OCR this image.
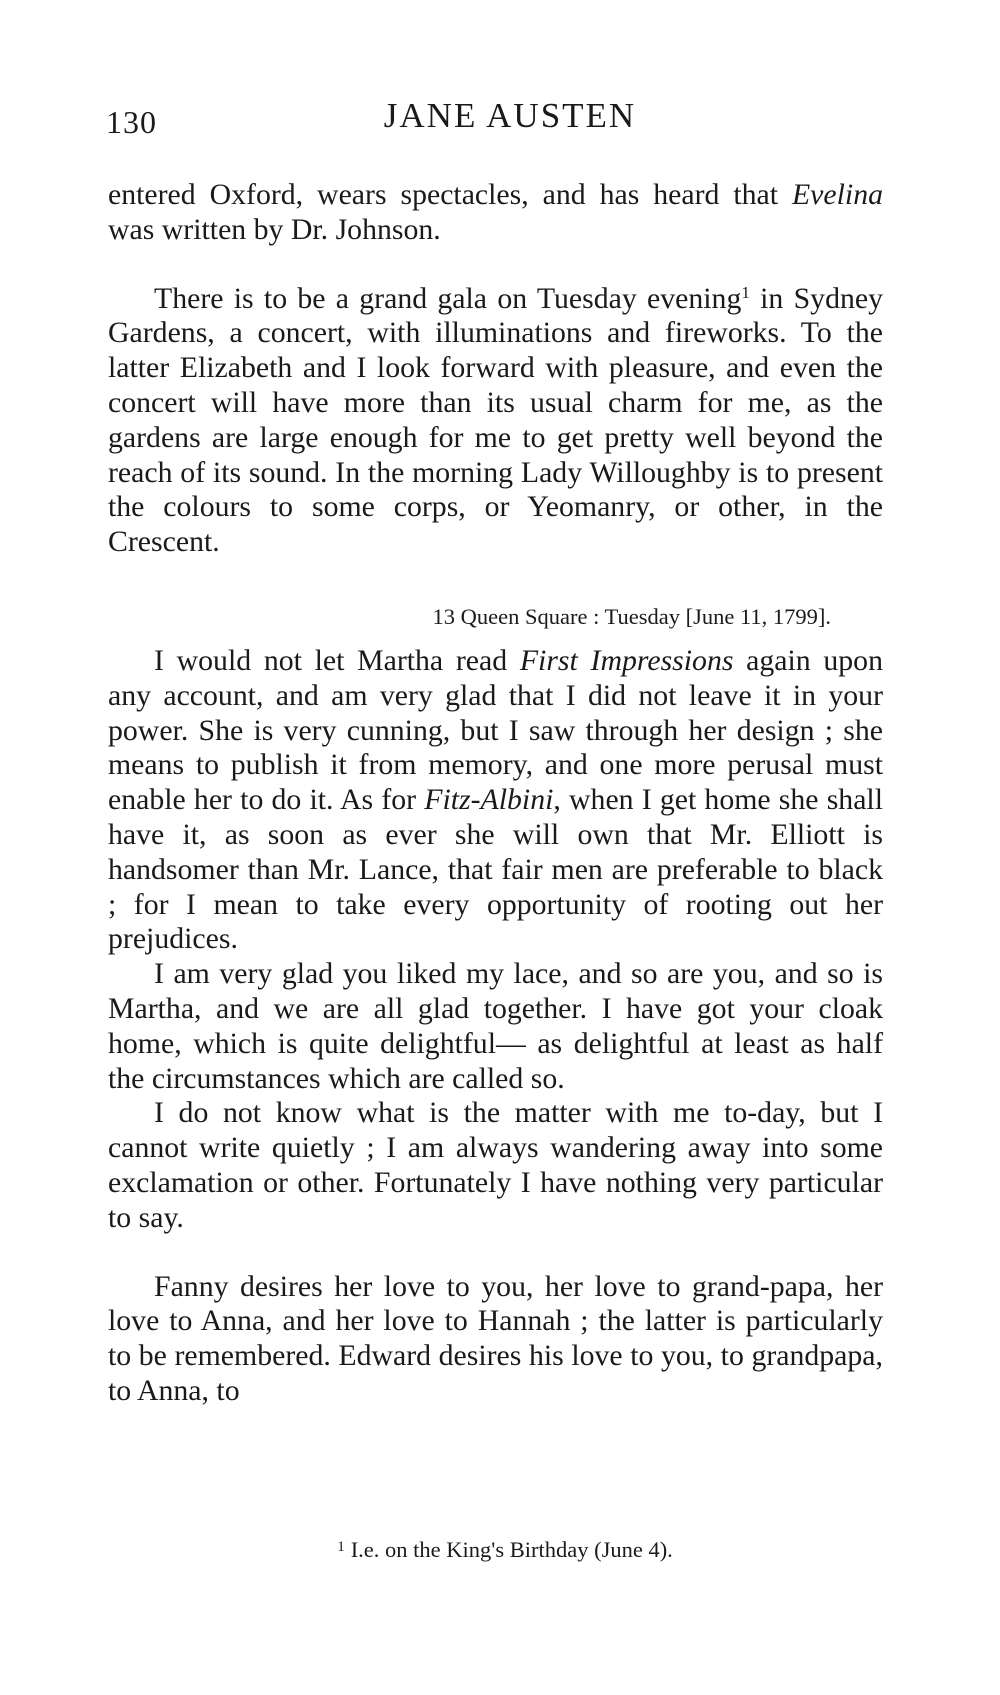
130	JANE AUSTEN

entered Oxford, wears spectacles, and has heard that Evelina was written by Dr. Johnson.

There is to be a grand gala on Tuesday evening$^1$ in Sydney Gardens, a concert, with illuminations and fireworks. To the latter Elizabeth and I look forward with pleasure, and even the concert will have more than its usual charm for me, as the gardens are large enough for me to get pretty well beyond the reach of its sound. In the morning Lady Willoughby is to present the colours to some corps, or Yeomanry, or other, in the Crescent.

13 Queen Square : Tuesday [June 11, 1799].

I would not let Martha read First Impressions again upon any account, and am very glad that I did not leave it in your power. She is very cunning, but I saw through her design ; she means to publish it from memory, and one more perusal must enable her to do it. As for Fitz-Albini, when I get home she shall have it, as soon as ever she will own that Mr. Elliott is handsomer than Mr. Lance, that fair men are preferable to black ; for I mean to take every opportunity of rooting out her prejudices.

I am very glad you liked my lace, and so are you, and so is Martha, and we are all glad together. I have got your cloak home, which is quite delightful— as delightful at least as half the circumstances which are called so.

I do not know what is the matter with me to-day, but I cannot write quietly ; I am always wandering away into some exclamation or other. Fortunately I have nothing very particular to say.

Fanny desires her love to you, her love to grand-papa, her love to Anna, and her love to Hannah ; the latter is particularly to be remembered. Edward desires his love to you, to grandpapa, to Anna, to

$^1$ I.e. on the King's Birthday (June 4).
